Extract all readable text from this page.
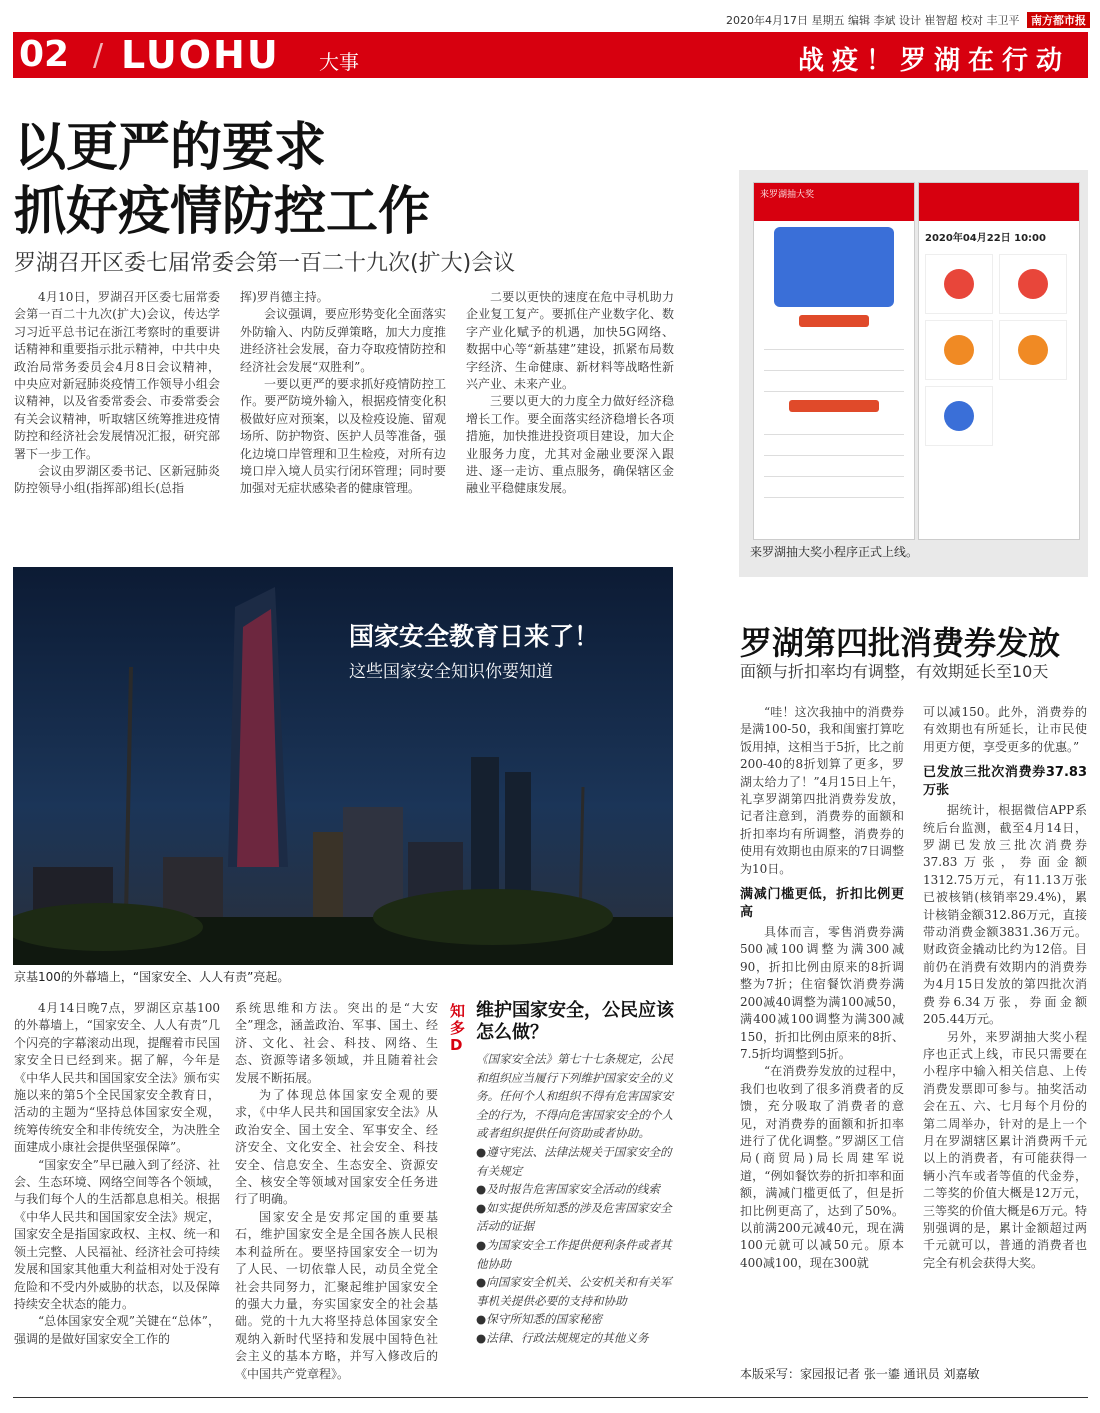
2020年4月17日 星期五 编辑 李斌 设计 崔智超 校对 丰卫平 南方都市报
02 / LUOHU 大事	战疫！罗湖在行动
以更严的要求
抓好疫情防控工作
罗湖召开区委七届常委会第一百二十九次(扩大)会议

4月10日，罗湖召开区委七届常委会第一百二十九次(扩大)会议，传达学习习近平总书记在浙江考察时的重要讲话精神和重要指示批示精神，中共中央政治局常务委员会4月8日会议精神，中央应对新冠肺炎疫情工作领导小组会议精神，以及省委常委会、市委常委会有关会议精神，听取辖区统筹推进疫情防控和经济社会发展情况汇报，研究部署下一步工作。

会议由罗湖区委书记、区新冠肺炎防控领导小组(指挥部)组长(总指

挥)罗肖德主持。

会议强调，要应形势变化全面落实外防输入、内防反弹策略，加大力度推进经济社会发展，奋力夺取疫情防控和经济社会发展“双胜利”。

一要以更严的要求抓好疫情防控工作。要严防境外输入，根据疫情变化积极做好应对预案，以及检疫设施、留观场所、防护物资、医护人员等准备，强化边境口岸管理和卫生检疫，对所有边境口岸入境人员实行闭环管理；同时要加强对无症状感染者的健康管理。

二要以更快的速度在危中寻机助力企业复工复产。要抓住产业数字化、数字产业化赋予的机遇，加快5G网络、数据中心等“新基建”建设，抓紧布局数字经济、生命健康、新材料等战略性新兴产业、未来产业。

三要以更大的力度全力做好经济稳增长工作。要全面落实经济稳增长各项措施，加快推进投资项目建设，加大企业服务力度，尤其对金融业要深入跟进、逐一走访、重点服务，确保辖区金融业平稳健康发展。

来罗湖抽大奖
2020年04月22日 10:00
来罗湖抽大奖小程序正式上线。
国家安全教育日来了！
这些国家安全知识你要知道
京基100的外幕墙上，“国家安全、人人有责”亮起。

4月14日晚7点，罗湖区京基100的外幕墙上，“国家安全、人人有责”几个闪亮的字幕滚动出现，提醒着市民国家安全日已经到来。据了解，今年是《中华人民共和国国家安全法》颁布实施以来的第5个全民国家安全教育日，活动的主题为“坚持总体国家安全观，统筹传统安全和非传统安全，为决胜全面建成小康社会提供坚强保障”。

“国家安全”早已融入到了经济、社会、生态环境、网络空间等各个领域，与我们每个人的生活都息息相关。根据《中华人民共和国国家安全法》规定，国家安全是指国家政权、主权、统一和领土完整、人民福祉、经济社会可持续发展和国家其他重大利益相对处于没有危险和不受内外威胁的状态，以及保障持续安全状态的能力。

“总体国家安全观”关键在“总体”，强调的是做好国家安全工作的

系统思维和方法。突出的是“大安全”理念，涵盖政治、军事、国土、经济、文化、社会、科技、网络、生态、资源等诸多领域，并且随着社会发展不断拓展。

为了体现总体国家安全观的要求，《中华人民共和国国家安全法》从政治安全、国土安全、军事安全、经济安全、文化安全、社会安全、科技安全、信息安全、生态安全、资源安全、核安全等领域对国家安全任务进行了明确。

国家安全是安邦定国的重要基石，维护国家安全是全国各族人民根本利益所在。要坚持国家安全一切为了人民、一切依靠人民，动员全党全社会共同努力，汇聚起维护国家安全的强大力量，夯实国家安全的社会基础。党的十九大将坚持总体国家安全观纳入新时代坚持和发展中国特色社会主义的基本方略，并写入修改后的《中国共产党章程》。

知多D
维护国家安全，公民应该怎么做？

《国家安全法》第七十七条规定，公民和组织应当履行下列维护国家安全的义务。任何个人和组织不得有危害国家安全的行为，不得向危害国家安全的个人或者组织提供任何资助或者协助。

●遵守宪法、法律法规关于国家安全的有关规定

●及时报告危害国家安全活动的线索

●如实提供所知悉的涉及危害国家安全活动的证据

●为国家安全工作提供便利条件或者其他协助

●向国家安全机关、公安机关和有关军事机关提供必要的支持和协助

●保守所知悉的国家秘密

●法律、行政法规规定的其他义务

罗湖第四批消费券发放
面额与折扣率均有调整，有效期延长至10天

“哇！这次我抽中的消费券是满100-50，我和闺蜜打算吃饭用掉，这相当于5折，比之前200-40的8折划算了更多，罗湖太给力了！”4月15日上午，礼享罗湖第四批消费券发放，记者注意到，消费券的面额和折扣率均有所调整，消费券的使用有效期也由原来的7日调整为10日。

满减门槛更低，折扣比例更高

具体而言，零售消费券满500减100调整为满300减90，折扣比例由原来的8折调整为7折；住宿餐饮消费券满200减40调整为满100减50，满400减100调整为满300减150，折扣比例由原来的8折、7.5折均调整到5折。

“在消费券发放的过程中，我们也收到了很多消费者的反馈，充分吸取了消费者的意见，对消费券的面额和折扣率进行了优化调整。”罗湖区工信局(商贸局)局长周建军说道，“例如餐饮券的折扣率和面额，满减门槛更低了，但是折扣比例更高了，达到了50%。以前满200元减40元，现在满100元就可以减50元。原本400减100，现在300就

可以减150。此外，消费券的有效期也有所延长，让市民使用更方便，享受更多的优惠。”

已发放三批次消费券37.83万张

据统计，根据微信APP系统后台监测，截至4月14日，罗湖已发放三批次消费券37.83万张，券面金额1312.75万元，有11.13万张已被核销(核销率29.4%)，累计核销金额312.86万元，直接带动消费金额3831.36万元。财政资金撬动比约为12倍。目前仍在消费有效期内的消费券为4月15日发放的第四批次消费券6.34万张，券面金额205.44万元。

另外，来罗湖抽大奖小程序也正式上线，市民只需要在小程序中输入相关信息、上传消费发票即可参与。抽奖活动会在五、六、七月每个月份的第二周举办，针对的是上一个月在罗湖辖区累计消费两千元以上的消费者，有可能获得一辆小汽车或者等值的代金券，二等奖的价值大概是12万元，三等奖的价值大概是6万元。特别强调的是，累计金额超过两千元就可以，普通的消费者也完全有机会获得大奖。

本版采写：家园报记者 张一鎏 通讯员 刘嘉敏
